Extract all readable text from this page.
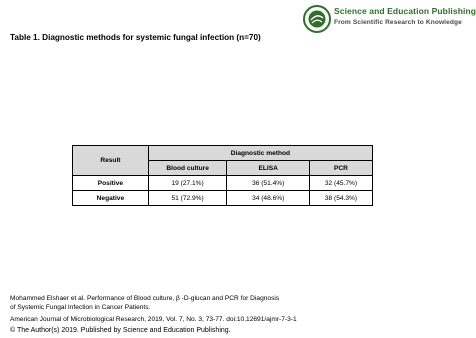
Science and Education Publishing
From Scientific Research to Knowledge
Table 1. Diagnostic methods for systemic fungal infection (n=70)
Result	Diagnostic method		
	Blood culture	ELISA	PCR
Positive	19 (27.1%)	36 (51.4%)	32 (45.7%)
Negative	51 (72.9%)	34 (48.6%)	38 (54.3%)
Mohammed Elshaer et al. Performance of Blood culture, β -D-glucan and PCR for Diagnosis
of Systemic Fungal Infection in Cancer Patients.
American Journal of Microbiological Research, 2019, Vol. 7, No. 3, 73-77. doi:10.12691/ajmr-7-3-1
© The Author(s) 2019. Published by Science and Education Publishing.
